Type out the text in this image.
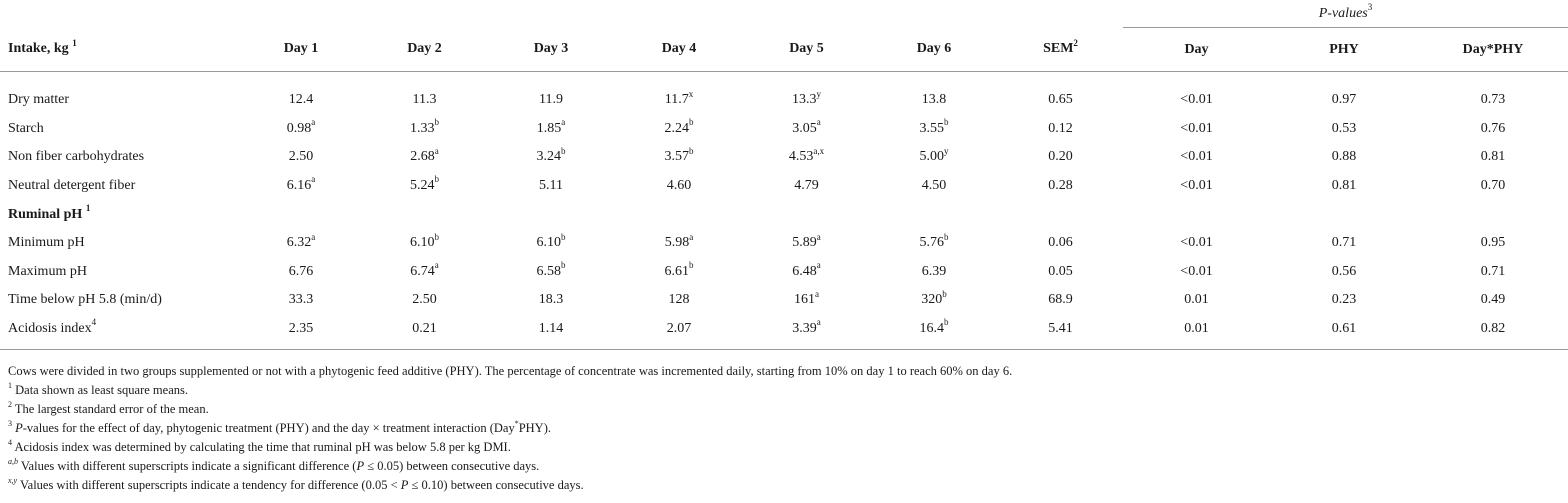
								P-values$^3$
Intake, kg $^1$	Day 1	Day 2	Day 3	Day 4	Day 5	Day 6	SEM$^2$	Day	PHY	Day*PHY
Dry matter	12.4	11.3	11.9	11.7$^x$	13.3$^y$	13.8	0.65	<0.01	0.97	0.73
Starch	0.98$^a$	1.33$^b$	1.85$^a$	2.24$^b$	3.05$^a$	3.55$^b$	0.12	<0.01	0.53	0.76
Non fiber carbohydrates	2.50	2.68$^a$	3.24$^b$	3.57$^b$	4.53$^{a,x}$	5.00$^y$	0.20	<0.01	0.88	0.81
Neutral detergent fiber	6.16$^a$	5.24$^b$	5.11	4.60	4.79	4.50	0.28	<0.01	0.81	0.70
Ruminal pH $^1$										
Minimum pH	6.32$^a$	6.10$^b$	6.10$^b$	5.98$^a$	5.89$^a$	5.76$^b$	0.06	<0.01	0.71	0.95
Maximum pH	6.76	6.74$^a$	6.58$^b$	6.61$^b$	6.48$^a$	6.39	0.05	<0.01	0.56	0.71
Time below pH 5.8 (min/d)	33.3	2.50	18.3	128	161$^a$	320$^b$	68.9	0.01	0.23	0.49
Acidosis index$^4$	2.35	0.21	1.14	2.07	3.39$^a$	16.4$^b$	5.41	0.01	0.61	0.82
Cows were divided in two groups supplemented or not with a phytogenic feed additive (PHY). The percentage of concentrate was incremented daily, starting from 10% on day 1 to reach 60% on day 6.
$^1$ Data shown as least square means.
$^2$ The largest standard error of the mean.
$^3$ P-values for the effect of day, phytogenic treatment (PHY) and the day × treatment interaction (Day*PHY).
$^4$ Acidosis index was determined by calculating the time that ruminal pH was below 5.8 per kg DMI.
$^{a,b}$ Values with different superscripts indicate a significant difference (P ≤ 0.05) between consecutive days.
$^{x,y}$ Values with different superscripts indicate a tendency for difference (0.05 < P ≤ 0.10) between consecutive days.
